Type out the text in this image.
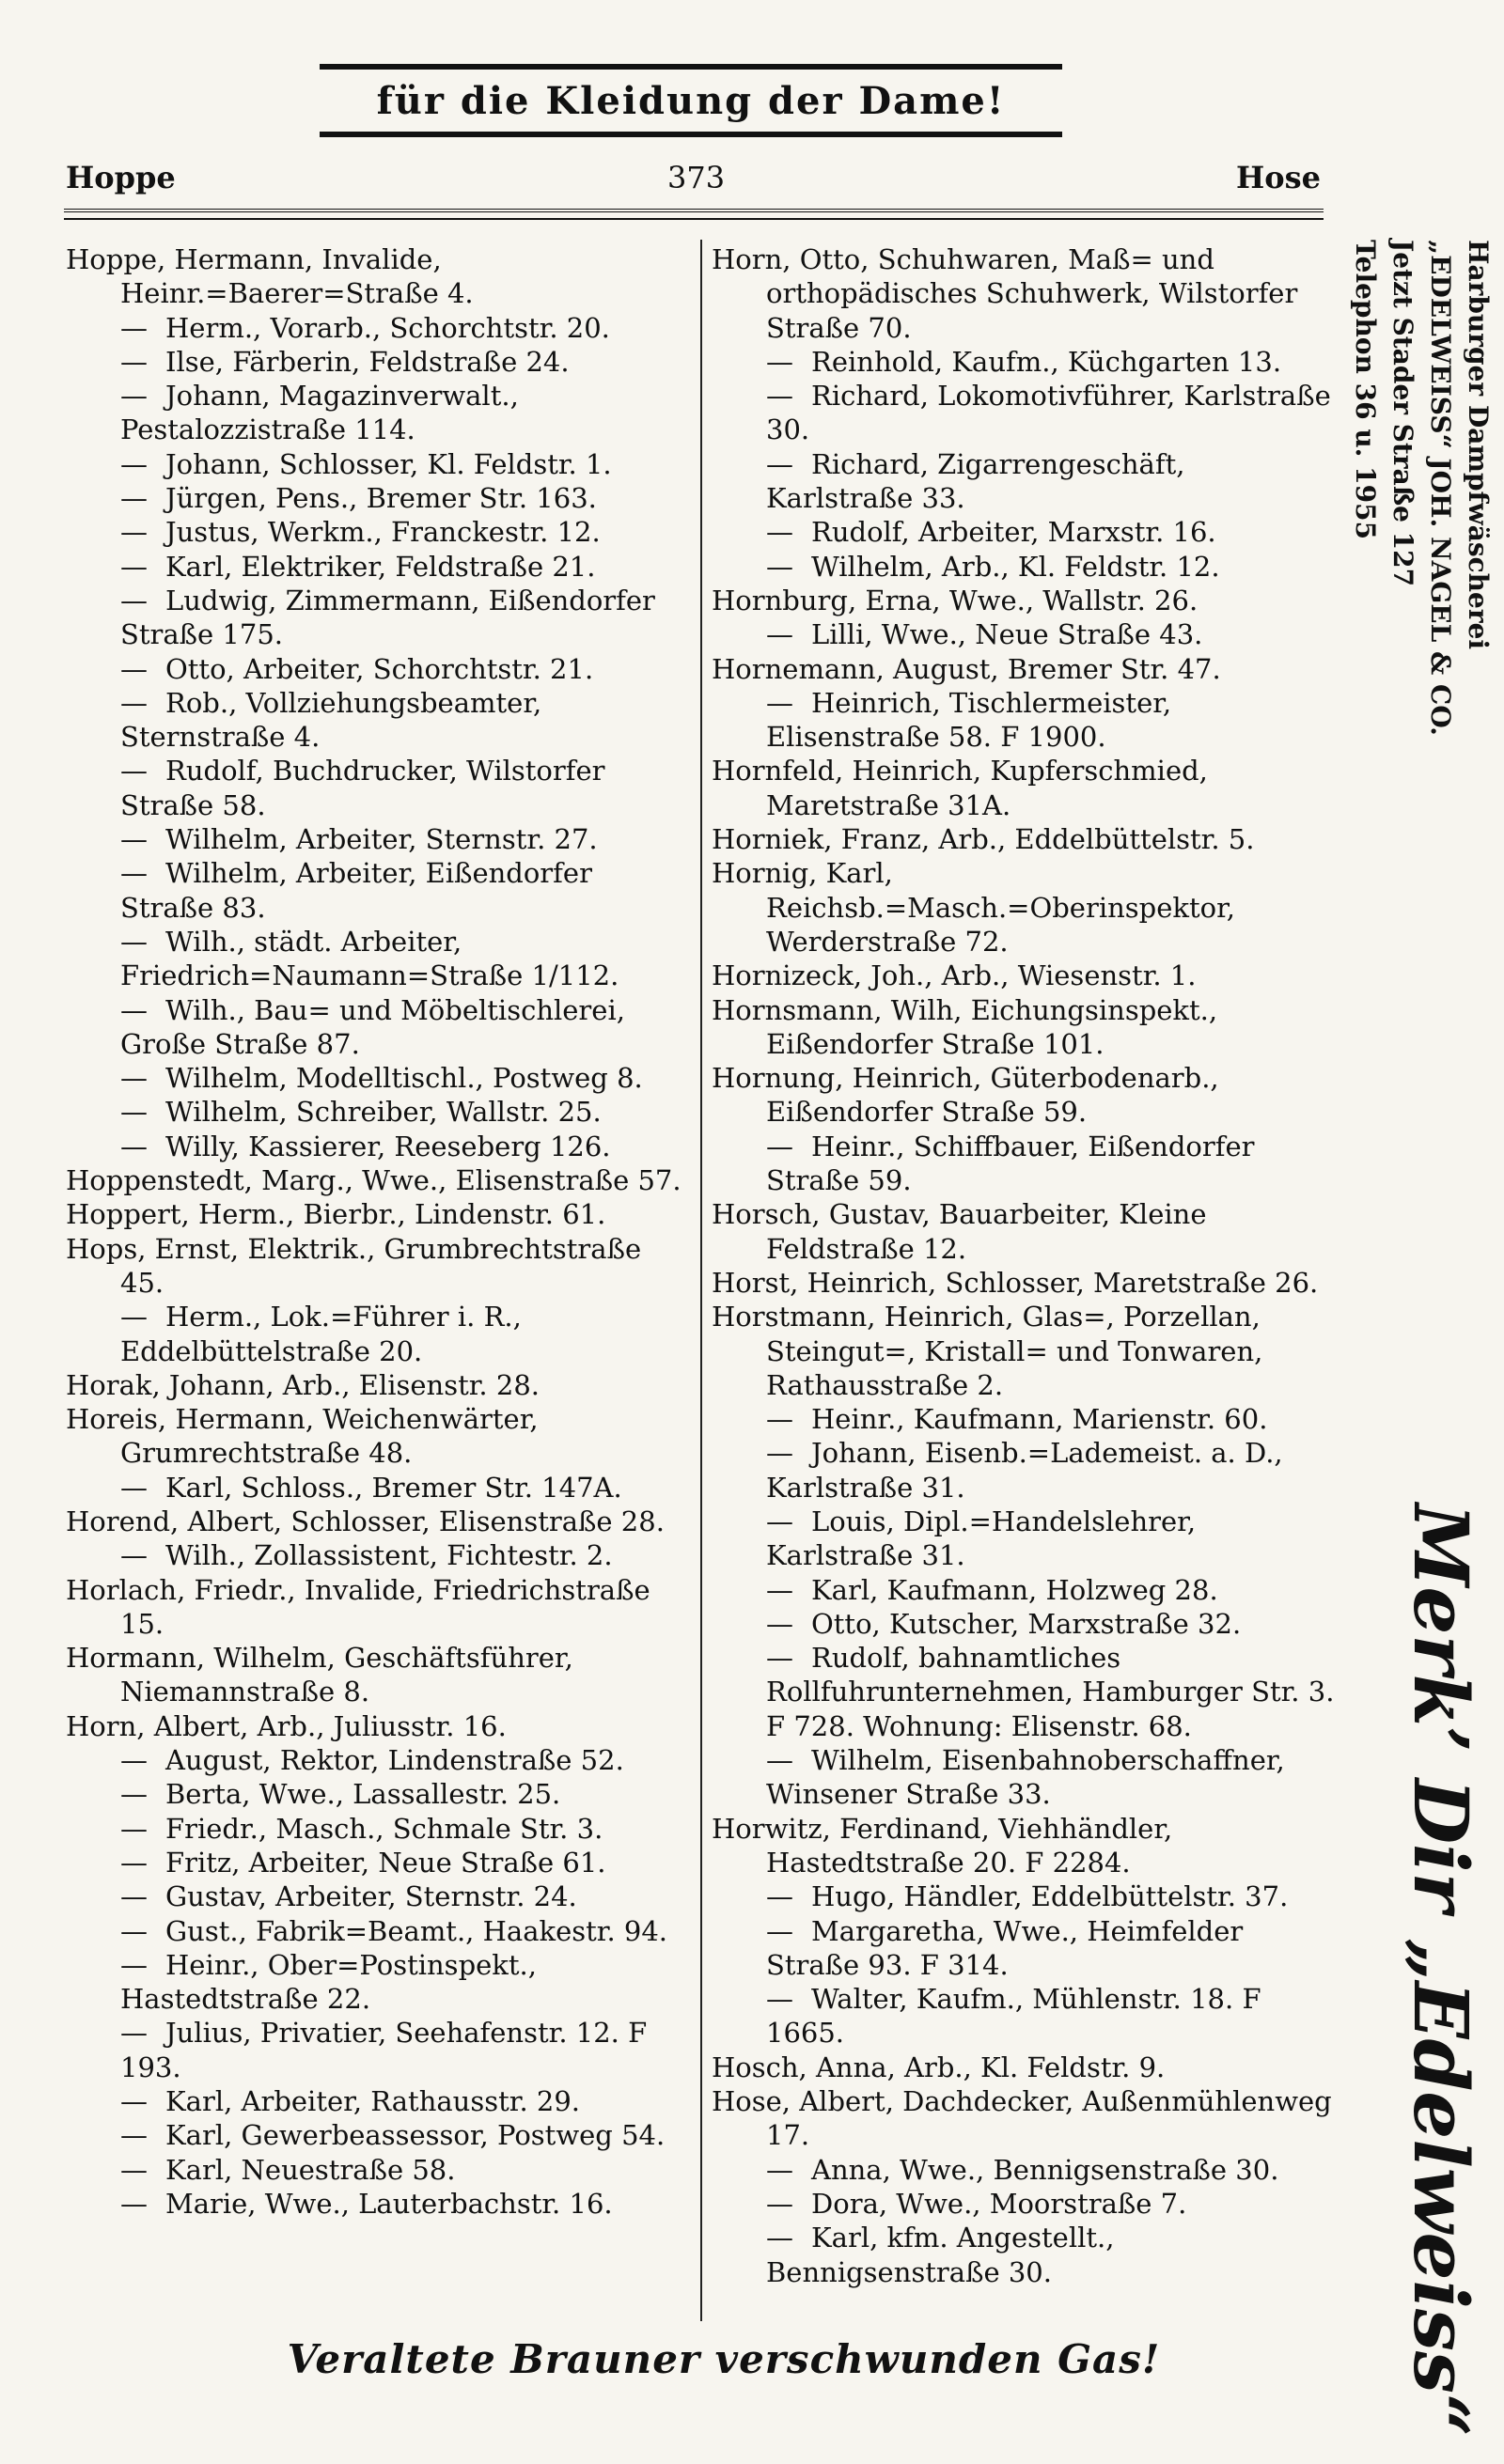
für die Kleidung der Dame!
Hoppe	373	Hose

Hoppe, Hermann, Invalide, Heinr.=Baerer=Straße 4.

— Herm., Vorarb., Schorchtstr. 20.

— Ilse, Färberin, Feldstraße 24.

— Johann, Magazinverwalt., Pestalozzistraße 114.

— Johann, Schlosser, Kl. Feldstr. 1.

— Jürgen, Pens., Bremer Str. 163.

— Justus, Werkm., Franckestr. 12.

— Karl, Elektriker, Feldstraße 21.

— Ludwig, Zimmermann, Eißendorfer Straße 175.

— Otto, Arbeiter, Schorchtstr. 21.

— Rob., Vollziehungsbeamter, Sternstraße 4.

— Rudolf, Buchdrucker, Wilstorfer Straße 58.

— Wilhelm, Arbeiter, Sternstr. 27.

— Wilhelm, Arbeiter, Eißendorfer Straße 83.

— Wilh., städt. Arbeiter, Friedrich=Naumann=Straße 1/112.

— Wilh., Bau= und Möbeltischlerei, Große Straße 87.

— Wilhelm, Modelltischl., Postweg 8.

— Wilhelm, Schreiber, Wallstr. 25.

— Willy, Kassierer, Reeseberg 126.

Hoppenstedt, Marg., Wwe., Elisenstraße 57.

Hoppert, Herm., Bierbr., Lindenstr. 61.

Hops, Ernst, Elektrik., Grumbrechtstraße 45.

— Herm., Lok.=Führer i. R., Eddelbüttelstraße 20.

Horak, Johann, Arb., Elisenstr. 28.

Horeis, Hermann, Weichenwärter, Grumrechtstraße 48.

— Karl, Schloss., Bremer Str. 147A.

Horend, Albert, Schlosser, Elisenstraße 28.

— Wilh., Zollassistent, Fichtestr. 2.

Horlach, Friedr., Invalide, Friedrichstraße 15.

Hormann, Wilhelm, Geschäftsführer, Niemannstraße 8.

Horn, Albert, Arb., Juliusstr. 16.

— August, Rektor, Lindenstraße 52.

— Berta, Wwe., Lassallestr. 25.

— Friedr., Masch., Schmale Str. 3.

— Fritz, Arbeiter, Neue Straße 61.

— Gustav, Arbeiter, Sternstr. 24.

— Gust., Fabrik=Beamt., Haakestr. 94.

— Heinr., Ober=Postinspekt., Hastedtstraße 22.

— Julius, Privatier, Seehafenstr. 12. F 193.

— Karl, Arbeiter, Rathausstr. 29.

— Karl, Gewerbeassessor, Postweg 54.

— Karl, Neuestraße 58.

— Marie, Wwe., Lauterbachstr. 16.

Horn, Otto, Schuhwaren, Maß= und orthopädisches Schuhwerk, Wilstorfer Straße 70.

— Reinhold, Kaufm., Küchgarten 13.

— Richard, Lokomotivführer, Karlstraße 30.

— Richard, Zigarrengeschäft, Karlstraße 33.

— Rudolf, Arbeiter, Marxstr. 16.

— Wilhelm, Arb., Kl. Feldstr. 12.

Hornburg, Erna, Wwe., Wallstr. 26.

— Lilli, Wwe., Neue Straße 43.

Hornemann, August, Bremer Str. 47.

— Heinrich, Tischlermeister, Elisenstraße 58. F 1900.

Hornfeld, Heinrich, Kupferschmied, Maretstraße 31A.

Horniek, Franz, Arb., Eddelbüttelstr. 5.

Hornig, Karl, Reichsb.=Masch.=Oberinspektor, Werderstraße 72.

Hornizeck, Joh., Arb., Wiesenstr. 1.

Hornsmann, Wilh, Eichungsinspekt., Eißendorfer Straße 101.

Hornung, Heinrich, Güterbodenarb., Eißendorfer Straße 59.

— Heinr., Schiffbauer, Eißendorfer Straße 59.

Horsch, Gustav, Bauarbeiter, Kleine Feldstraße 12.

Horst, Heinrich, Schlosser, Maretstraße 26.

Horstmann, Heinrich, Glas=, Porzellan, Steingut=, Kristall= und Tonwaren, Rathausstraße 2.

— Heinr., Kaufmann, Marienstr. 60.

— Johann, Eisenb.=Lademeist. a. D., Karlstraße 31.

— Louis, Dipl.=Handelslehrer, Karlstraße 31.

— Karl, Kaufmann, Holzweg 28.

— Otto, Kutscher, Marxstraße 32.

— Rudolf, bahnamtliches Rollfuhrunternehmen, Hamburger Str. 3. F 728. Wohnung: Elisenstr. 68.

— Wilhelm, Eisenbahnoberschaffner, Winsener Straße 33.

Horwitz, Ferdinand, Viehhändler, Hastedtstraße 20. F 2284.

— Hugo, Händler, Eddelbüttelstr. 37.

— Margaretha, Wwe., Heimfelder Straße 93. F 314.

— Walter, Kaufm., Mühlenstr. 18. F 1665.

Hosch, Anna, Arb., Kl. Feldstr. 9.

Hose, Albert, Dachdecker, Außenmühlenweg 17.

— Anna, Wwe., Bennigsenstraße 30.

— Dora, Wwe., Moorstraße 7.

— Karl, kfm. Angestellt., Bennigsenstraße 30.

Harburger Dampfwäscherei
„EDELWEISS“ JOH. NAGEL & CO.
Jetzt Stader Straße 127
Telephon 36 u. 1955
Merk’ Dir „Edelweiss“
Veraltete Brauner verschwunden Gas!
